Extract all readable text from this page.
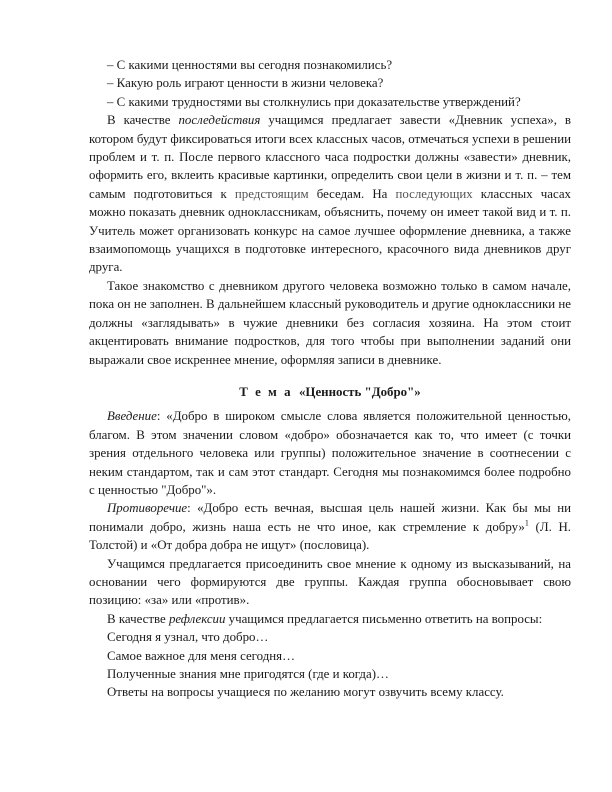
– С какими ценностями вы сегодня познакомились?

– Какую роль играют ценности в жизни человека?

– С какими трудностями вы столкнулись при доказательстве утверждений?

В качестве последействия учащимся предлагает завести «Дневник успеха», в котором будут фиксироваться итоги всех классных часов, отмечаться успехи в решении проблем и т. п. После первого классного часа подростки должны «завести» дневник, оформить его, вклеить красивые картинки, определить свои цели в жизни и т. п. – тем самым подготовиться к предстоящим беседам. На последующих классных часах можно показать дневник одноклассникам, объяснить, почему он имеет такой вид и т. п. Учитель может организовать конкурс на самое лучшее оформление дневника, а также взаимопомощь учащихся в подготовке интересного, красочного вида дневников друг друга.

Такое знакомство с дневником другого человека возможно только в самом начале, пока он не заполнен. В дальнейшем классный руководитель и другие одноклассники не должны «заглядывать» в чужие дневники без согласия хозяина. На этом стоит акцентировать внимание подростков, для того чтобы при выполнении заданий они выражали свое искреннее мнение, оформляя записи в дневнике.

Т е м а «Ценность "Добро"»

Введение: «Добро в широком смысле слова является положительной ценностью, благом. В этом значении словом «добро» обозначается как то, что имеет (с точки зрения отдельного человека или группы) положительное значение в соотнесении с неким стандартом, так и сам этот стандарт. Сегодня мы познакомимся более подробно с ценностью "Добро"».

Противоречие: «Добро есть вечная, высшая цель нашей жизни. Как бы мы ни понимали добро, жизнь наша есть не что иное, как стремление к добру»$^1$ (Л. Н. Толстой) и «От добра добра не ищут» (пословица).

Учащимся предлагается присоединить свое мнение к одному из высказываний, на основании чего формируются две группы. Каждая группа обосновывает свою позицию: «за» или «против».

В качестве рефлексии учащимся предлагается письменно ответить на вопросы:

Сегодня я узнал, что добро…

Самое важное для меня сегодня…

Полученные знания мне пригодятся (где и когда)…

Ответы на вопросы учащиеся по желанию могут озвучить всему классу.
